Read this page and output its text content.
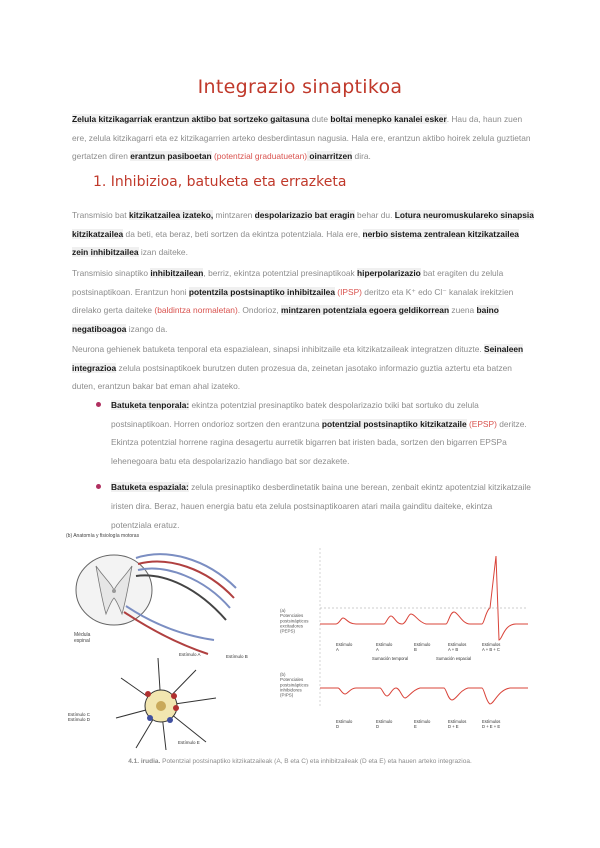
Integrazio sinaptikoa

Zelula kitzikagarriak erantzun aktibo bat sortzeko gaitasuna dute boltai menepko kanalei esker. Hau da, haun zuen ere, zelula kitzikagarri eta ez kitzikagarrien arteko desberdintasun nagusia. Hala ere, erantzun aktibo hoirek zelula guztietan gertatzen diren erantzun pasiboetan (potentzial graduatuetan) oinarritzen dira.

1. Inhibizioa, batuketa eta errazketa

Transmisio bat kitzikatzailea izateko, mintzaren despolarizazio bat eragin behar du. Lotura neuromuskulareko sinapsia kitzikatzailea da beti, eta beraz, beti sortzen da ekintza potentziala. Hala ere, nerbio sistema zentralean kitzikatzailea zein inhibitzailea izan daiteke.

Transmisio sinaptiko inhibitzailean, berriz, ekintza potentzial presinaptikoak hiperpolarizazio bat eragiten du zelula postsinaptikoan. Erantzun honi potentzila postsinaptiko inhibitzailea (IPSP) deritzo eta K⁺ edo Cl⁻ kanalak irekitzien direlako gerta daiteke (baldintza normaletan). Ondorioz, mintzaren potentziala egoera geldikorrean zuena baino negatiboagoa izango da.

Neurona gehienek batuketa tenporal eta espazialean, sinapsi inhibitzaile eta kitzikatzaileak integratzen dituzte. Seinaleen integrazioa zelula postsinaptikoek burutzen duten prozesua da, zeinetan jasotako informazio guztia aztertu eta batzen duten, erantzun bakar bat eman ahal izateko.

Batuketa tenporala: ekintza potentzial presinaptiko batek despolarizazio txiki bat sortuko du zelula postsinaptikoan. Horren ondorioz sortzen den erantzuna potentzial postsinaptiko kitzikatzaile (EPSP) deritze. Ekintza potentzial horrene ragina desagertu aurretik bigarren bat iristen bada, sortzen den bigarren EPSPa lehenegoara batu eta despolarizazio handiago bat sor dezakete.
Batuketa espaziala: zelula presinaptiko desberdinetatik baina une berean, zenbait ekintz apotentzial kitzikatzaile iristen dira. Beraz, hauen energia batu eta zelula postsinaptikoaren atari maila gainditu daiteke, ekintza potentziala eratuz.
(b) Anatomía y fisiología motoras
Médula espinal
Estímulo A	Estímulo B
Estímulo C Estímulo D
Estímulo E
(a) Potenciales postsinápticos excitadores (PEPS)
Estímulo A
Estímulo A
Estímulo B
Estímulos A + B
Estímulos A + B + C
Sumación temporal	Sumación espacial
(b) Potenciales postsinápticos inhibidores (PIPS)
Estímulo D
Estímulo D
Estímulo E
Estímulos D + E
Estímulos D + E + E

4.1. irudia. Potentzial postsinaptiko kitzikatzaileak (A, B eta C) eta inhibitzaileak (D eta E) eta hauen arteko integrazioa.
